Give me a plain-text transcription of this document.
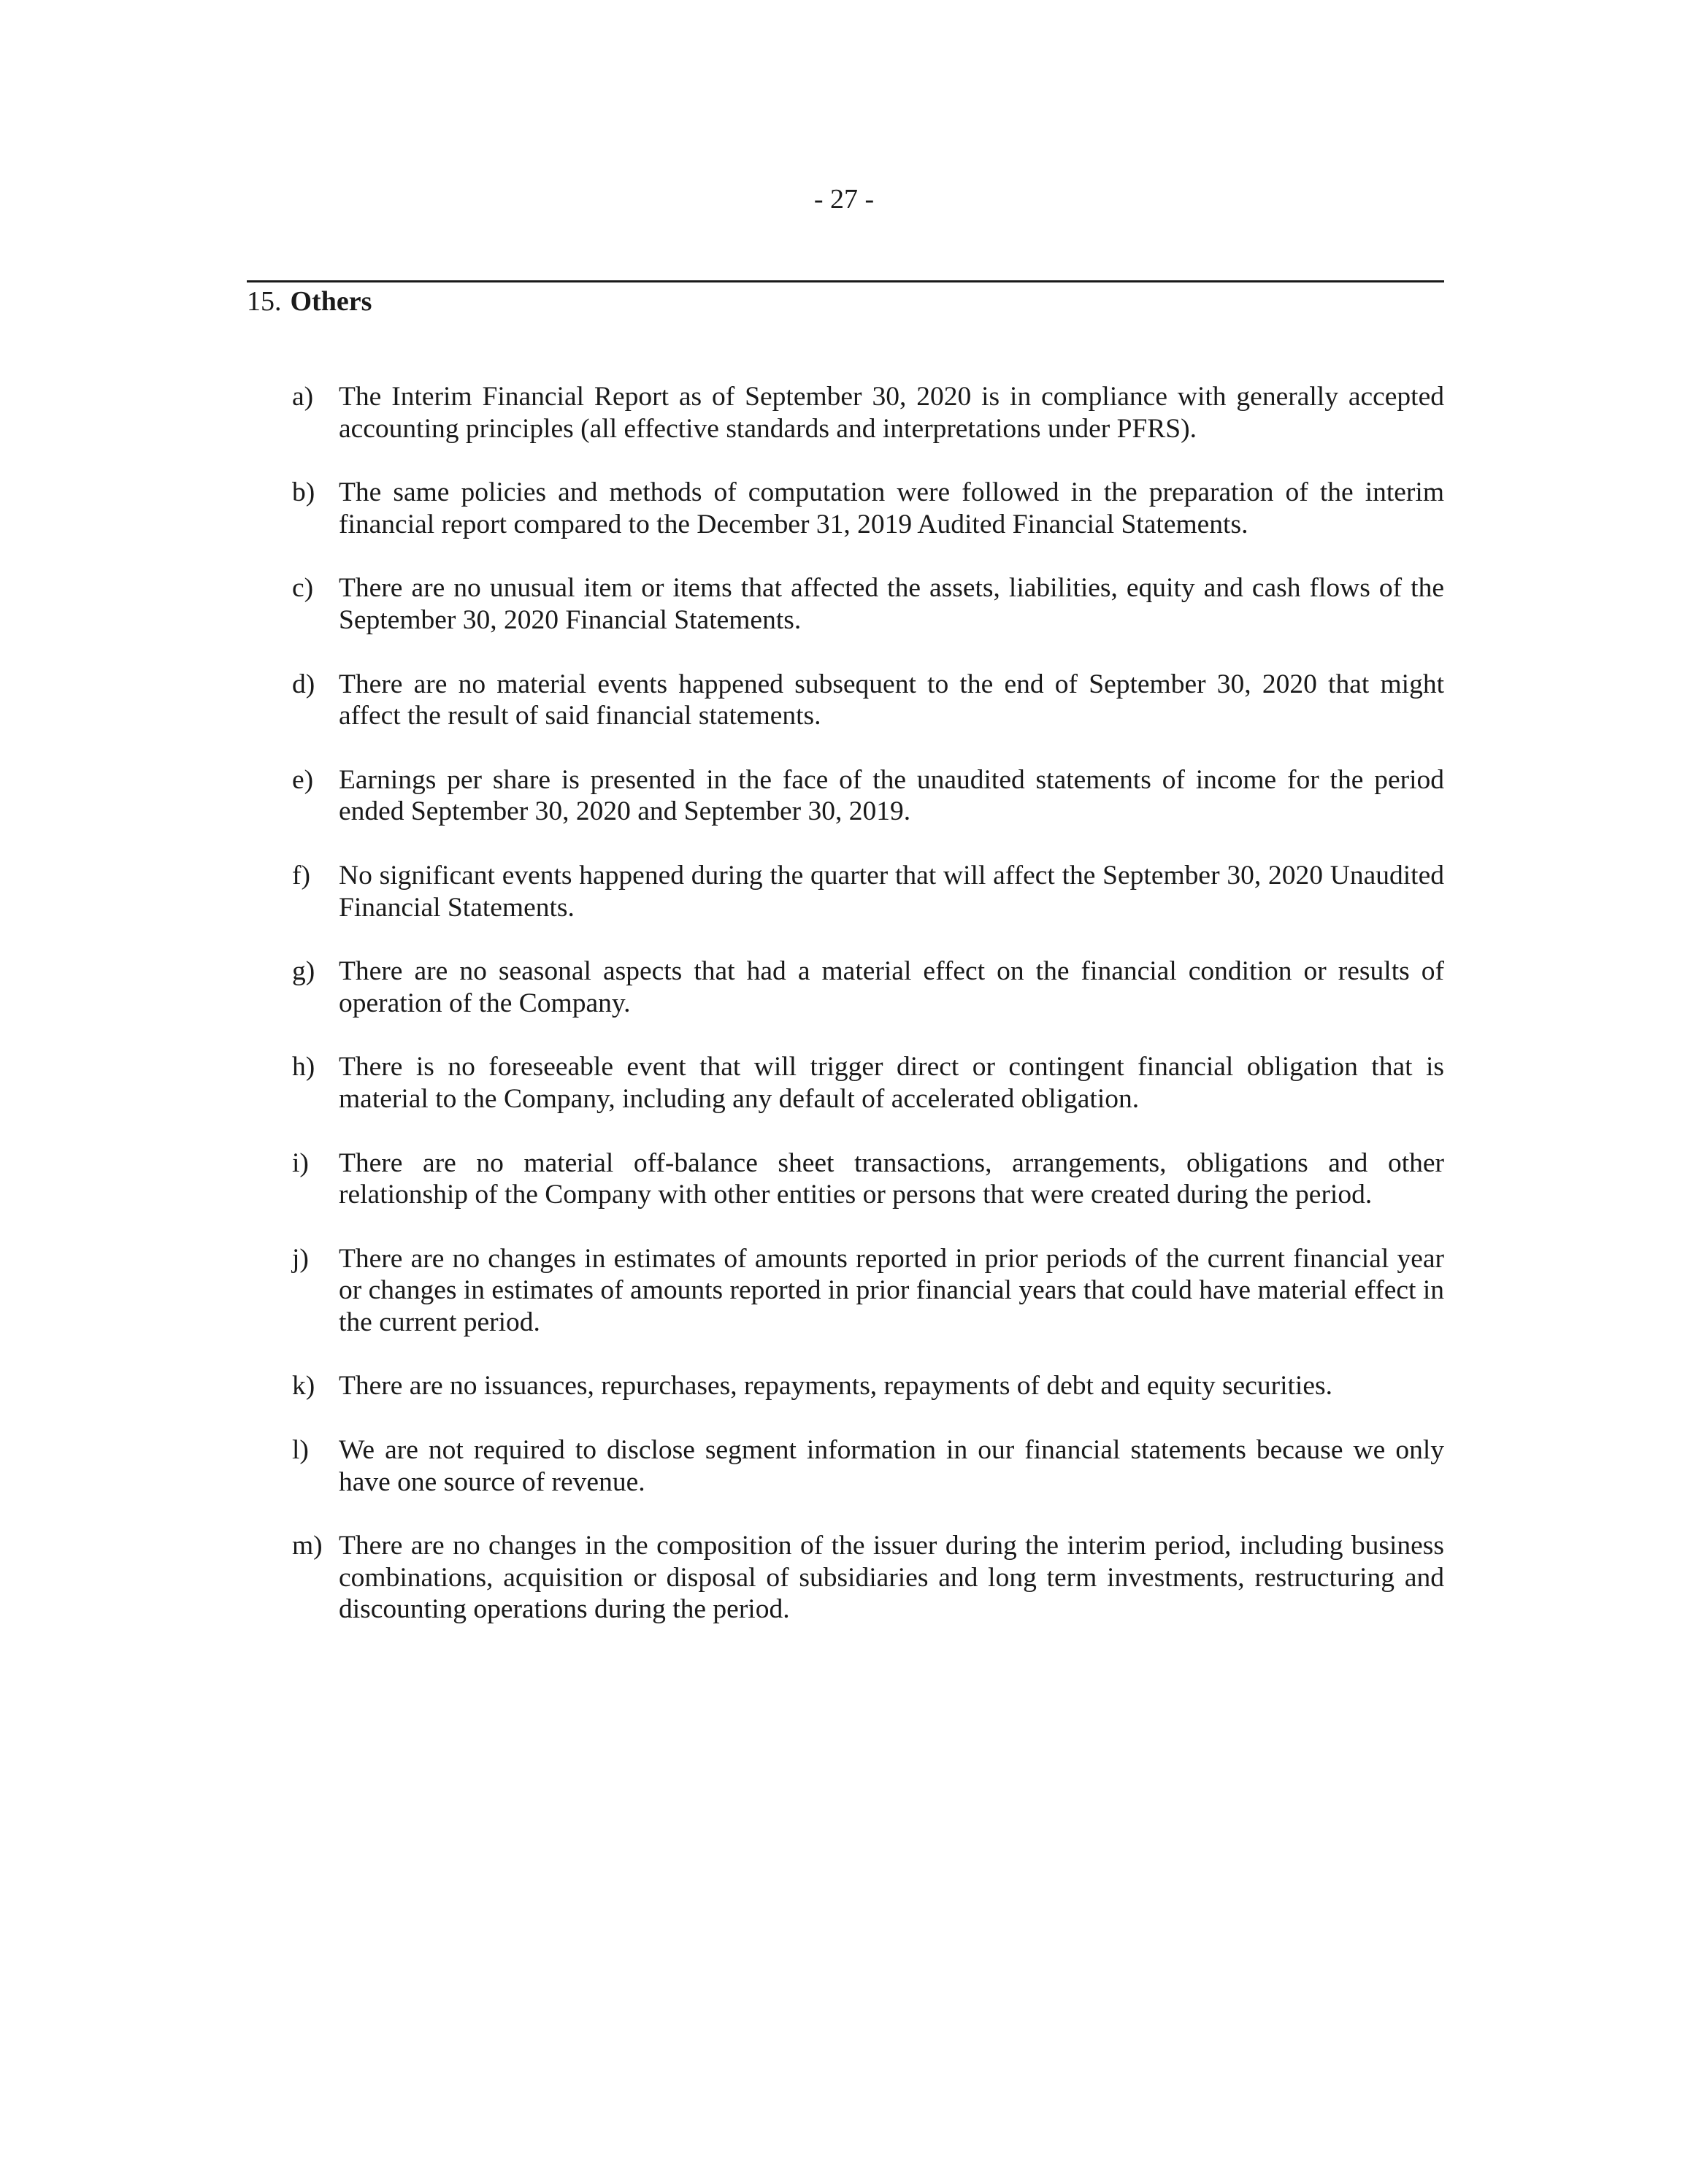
- 27 -
15. Others
a) The Interim Financial Report as of September 30, 2020 is in compliance with generally accepted accounting principles (all effective standards and interpretations under PFRS).
b) The same policies and methods of computation were followed in the preparation of the interim financial report compared to the December 31, 2019 Audited Financial Statements.
c) There are no unusual item or items that affected the assets, liabilities, equity and cash flows of the September 30, 2020 Financial Statements.
d) There are no material events happened subsequent to the end of September 30, 2020 that might affect the result of said financial statements.
e) Earnings per share is presented in the face of the unaudited statements of income for the period ended September 30, 2020 and September 30, 2019.
f) No significant events happened during the quarter that will affect the September 30, 2020 Unaudited Financial Statements.
g) There are no seasonal aspects that had a material effect on the financial condition or results of operation of the Company.
h) There is no foreseeable event that will trigger direct or contingent financial obligation that is material to the Company, including any default of accelerated obligation.
i) There are no material off-balance sheet transactions, arrangements, obligations and other relationship of the Company with other entities or persons that were created during the period.
j) There are no changes in estimates of amounts reported in prior periods of the current financial year or changes in estimates of amounts reported in prior financial years that could have material effect in the current period.
k) There are no issuances, repurchases, repayments, repayments of debt and equity securities.
l) We are not required to disclose segment information in our financial statements because we only have one source of revenue.
m) There are no changes in the composition of the issuer during the interim period, including business combinations, acquisition or disposal of subsidiaries and long term investments, restructuring and discounting operations during the period.
